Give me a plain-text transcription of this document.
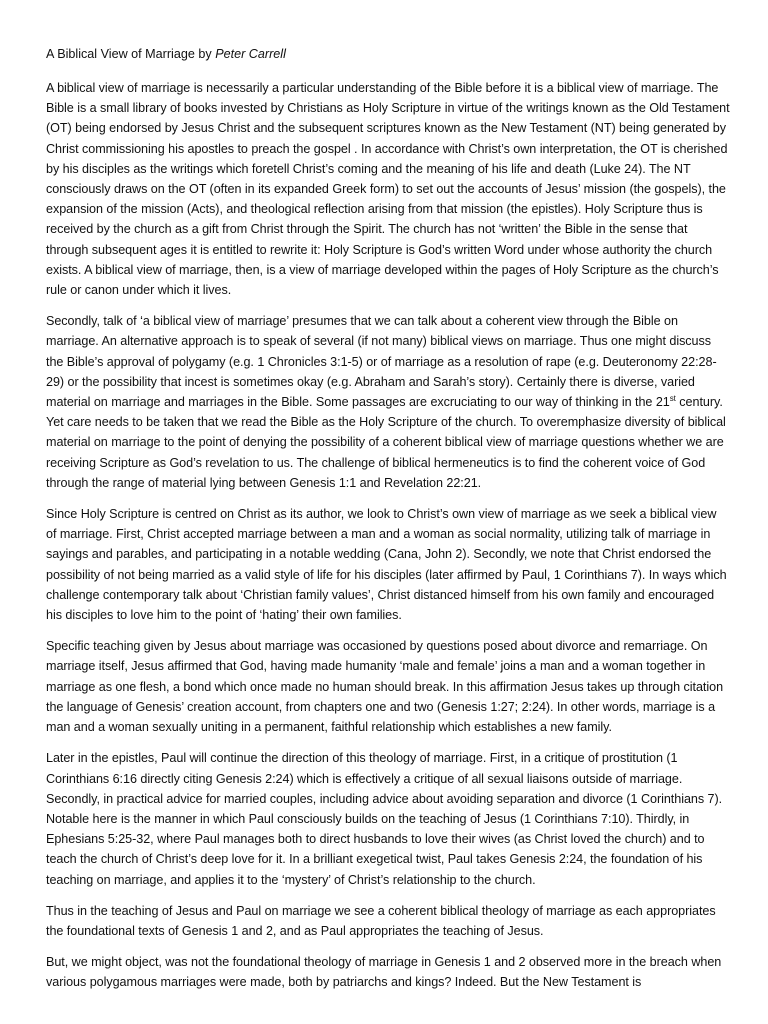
A Biblical View of Marriage by Peter Carrell

A biblical view of marriage is necessarily a particular understanding of the Bible before it is a biblical view of marriage. The Bible is a small library of books invested by Christians as Holy Scripture in virtue of the writings known as the Old Testament (OT) being endorsed by Jesus Christ and the subsequent scriptures known as the New Testament (NT) being generated by Christ commissioning his apostles to preach the gospel . In accordance with Christ’s own interpretation, the OT is cherished by his disciples as the writings which foretell Christ’s coming and the meaning of his life and death (Luke 24). The NT consciously draws on the OT (often in its expanded Greek form) to set out the accounts of Jesus’ mission (the gospels), the expansion of the mission (Acts), and theological reflection arising from that mission (the epistles). Holy Scripture thus is received by the church as a gift from Christ through the Spirit. The church has not ‘written’ the Bible in the sense that through subsequent ages it is entitled to rewrite it: Holy Scripture is God’s written Word under whose authority the church exists. A biblical view of marriage, then, is a view of marriage developed within the pages of Holy Scripture as the church’s rule or canon under which it lives.

Secondly, talk of ‘a biblical view of marriage’ presumes that we can talk about a coherent view through the Bible on marriage. An alternative approach is to speak of several (if not many) biblical views on marriage. Thus one might discuss the Bible’s approval of polygamy (e.g. 1 Chronicles 3:1-5) or of marriage as a resolution of rape (e.g. Deuteronomy 22:28-29) or the possibility that incest is sometimes okay (e.g. Abraham and Sarah’s story). Certainly there is diverse, varied material on marriage and marriages in the Bible. Some passages are excruciating to our way of thinking in the 21st century. Yet care needs to be taken that we read the Bible as the Holy Scripture of the church. To overemphasize diversity of biblical material on marriage to the point of denying the possibility of a coherent biblical view of marriage questions whether we are receiving Scripture as God’s revelation to us. The challenge of biblical hermeneutics is to find the coherent voice of God through the range of material lying between Genesis 1:1 and Revelation 22:21.

Since Holy Scripture is centred on Christ as its author, we look to Christ’s own view of marriage as we seek a biblical view of marriage. First, Christ accepted marriage between a man and a woman as social normality, utilizing talk of marriage in sayings and parables, and participating in a notable wedding (Cana, John 2). Secondly, we note that Christ endorsed the possibility of not being married as a valid style of life for his disciples (later affirmed by Paul, 1 Corinthians 7). In ways which challenge contemporary talk about ‘Christian family values’, Christ distanced himself from his own family and encouraged his disciples to love him to the point of ‘hating’ their own families.

Specific teaching given by Jesus about marriage was occasioned by questions posed about divorce and remarriage. On marriage itself, Jesus affirmed that God, having made humanity ‘male and female’ joins a man and a woman together in marriage as one flesh, a bond which once made no human should break. In this affirmation Jesus takes up through citation the language of Genesis’ creation account, from chapters one and two (Genesis 1:27; 2:24). In other words, marriage is a man and a woman sexually uniting in a permanent, faithful relationship which establishes a new family.

Later in the epistles, Paul will continue the direction of this theology of marriage. First, in a critique of prostitution (1 Corinthians 6:16 directly citing Genesis 2:24) which is effectively a critique of all sexual liaisons outside of marriage. Secondly, in practical advice for married couples, including advice about avoiding separation and divorce (1 Corinthians 7). Notable here is the manner in which Paul consciously builds on the teaching of Jesus (1 Corinthians 7:10). Thirdly, in Ephesians 5:25-32, where Paul manages both to direct husbands to love their wives (as Christ loved the church) and to teach the church of Christ’s deep love for it. In a brilliant exegetical twist, Paul takes Genesis 2:24, the foundation of his teaching on marriage, and applies it to the ‘mystery’ of Christ’s relationship to the church.

Thus in the teaching of Jesus and Paul on marriage we see a coherent biblical theology of marriage as each appropriates the foundational texts of Genesis 1 and 2, and as Paul appropriates the teaching of Jesus.

But, we might object, was not the foundational theology of marriage in Genesis 1 and 2 observed more in the breach when various polygamous marriages were made, both by patriarchs and kings? Indeed. But the New Testament is
